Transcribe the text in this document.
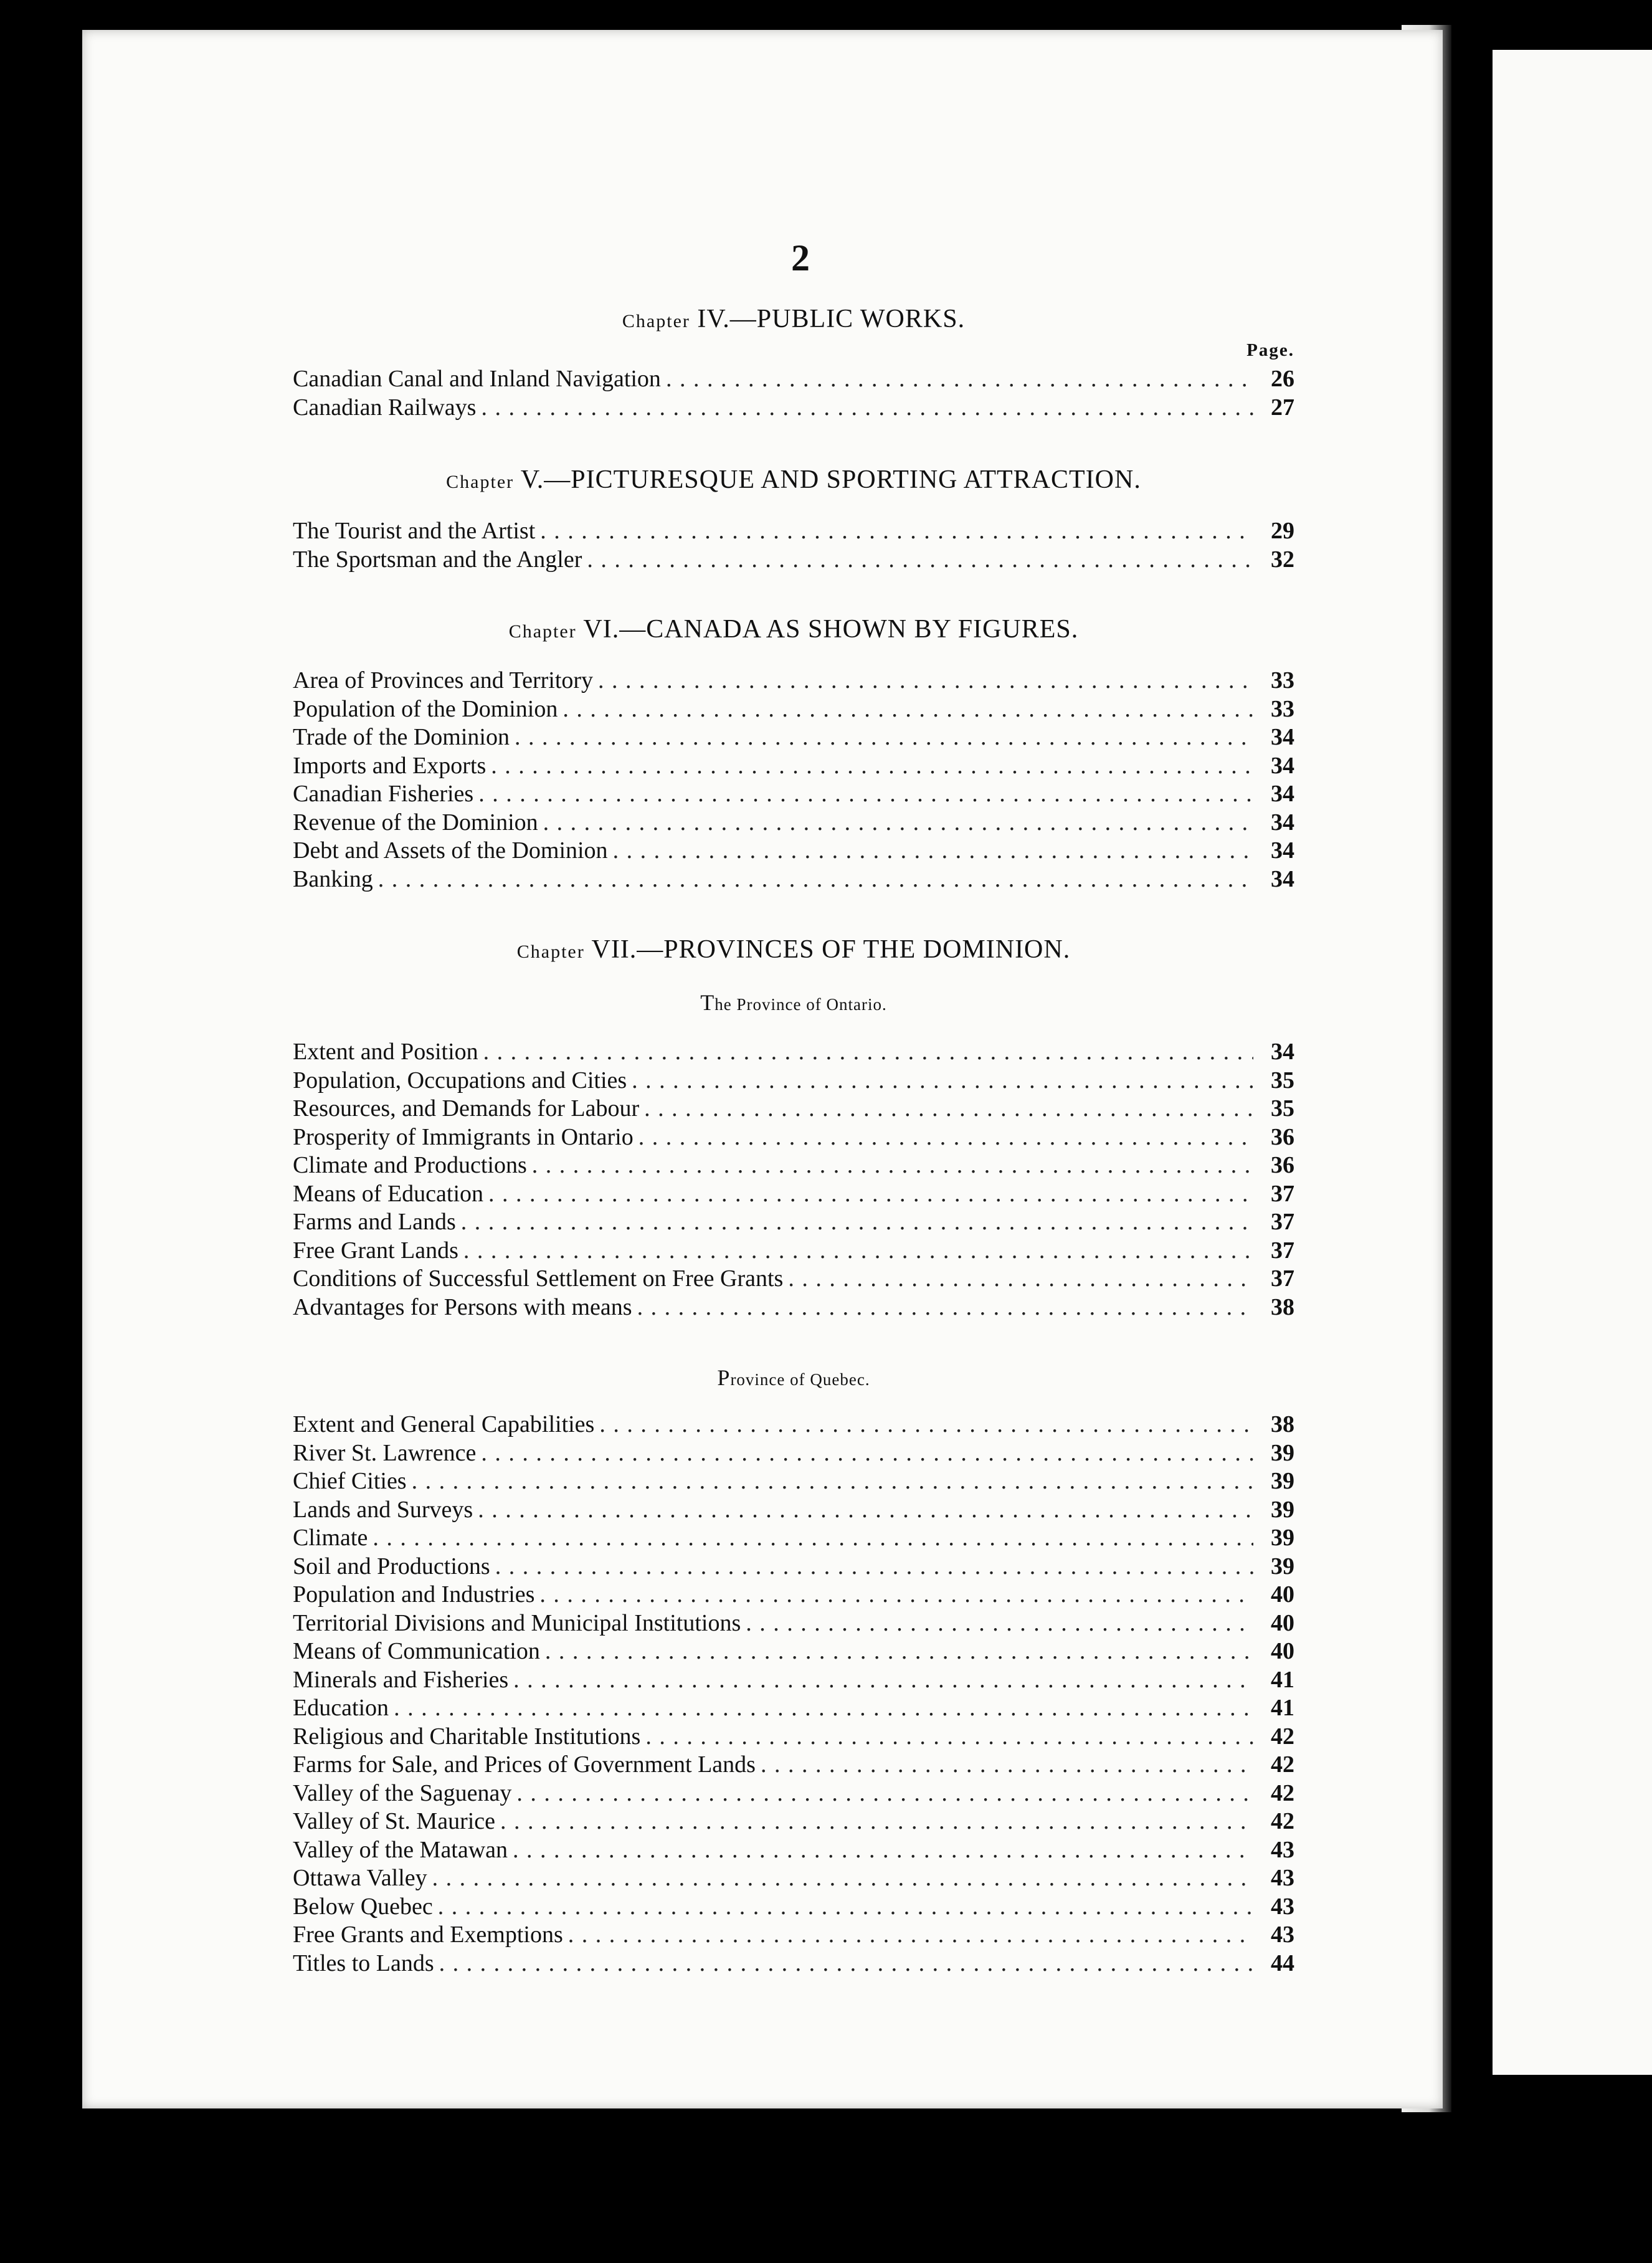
2
Chapter IV.—PUBLIC WORKS.
Page.
Canadian Canal and Inland Navigation . . .	26
Canadian Railways . . .	27
Chapter V.—PICTURESQUE AND SPORTING ATTRACTION.
The Tourist and the Artist . . .	29
The Sportsman and the Angler . . .	32
Chapter VI.—CANADA AS SHOWN BY FIGURES.
Area of Provinces and Territory . . .	33
Population of the Dominion . . .	33
Trade of the Dominion . . .	34
Imports and Exports . . .	34
Canadian Fisheries . . .	34
Revenue of the Dominion . . .	34
Debt and Assets of the Dominion . . .	34
Banking . . .	34
Chapter VII.—PROVINCES OF THE DOMINION.
The Province of Ontario.
Extent and Position . . .	34
Population, Occupations and Cities . . .	35
Resources, and Demands for Labour . . .	35
Prosperity of Immigrants in Ontario . . .	36
Climate and Productions . . .	36
Means of Education . . .	37
Farms and Lands . . .	37
Free Grant Lands . . .	37
Conditions of Successful Settlement on Free Grants . . .	37
Advantages for Persons with means . . .	38
Province of Quebec.
Extent and General Capabilities . . .	38
River St. Lawrence . . .	39
Chief Cities . . .	39
Lands and Surveys . . .	39
Climate . . .	39
Soil and Productions . . .	39
Population and Industries . . .	40
Territorial Divisions and Municipal Institutions . . .	40
Means of Communication . . .	40
Minerals and Fisheries . . .	41
Education . . .	41
Religious and Charitable Institutions . . .	42
Farms for Sale, and Prices of Government Lands . . .	42
Valley of the Saguenay . . .	42
Valley of St. Maurice . . .	42
Valley of the Matawan . . .	43
Ottawa Valley . . .	43
Below Quebec . . .	43
Free Grants and Exemptions . . .	43
Titles to Lands . . .	44
